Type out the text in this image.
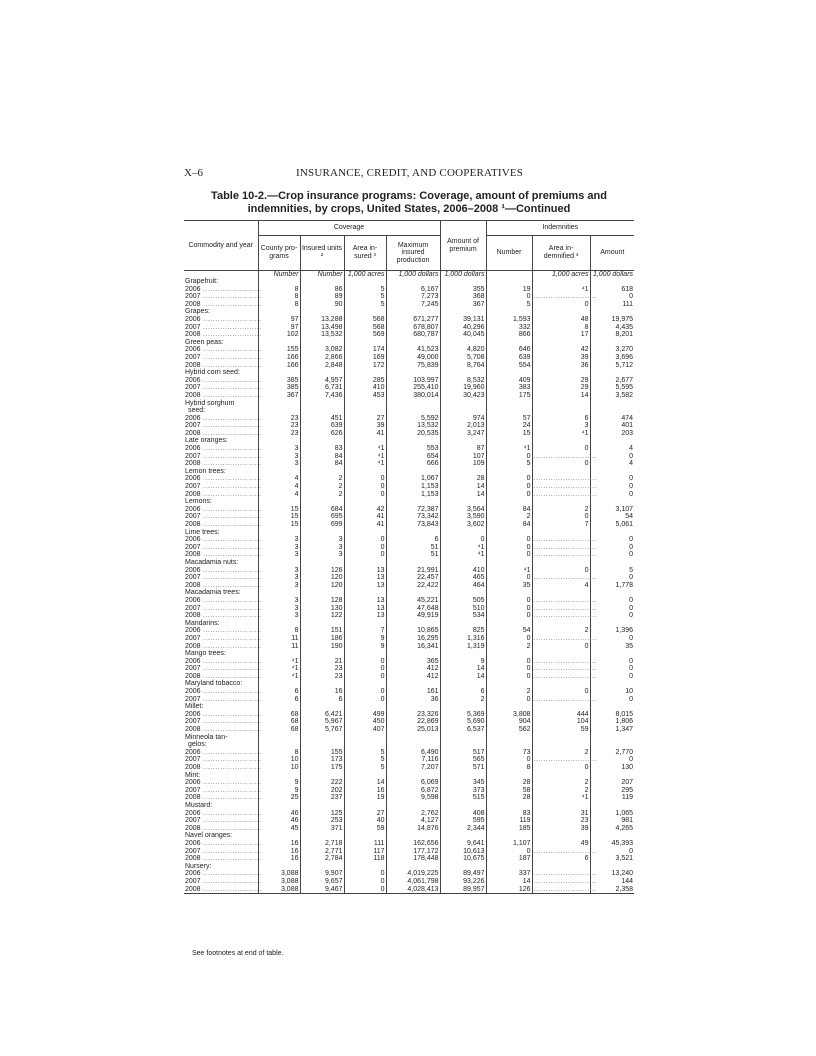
X–6	INSURANCE, CREDIT, AND COOPERATIVES
Table 10-2.—Crop insurance programs: Coverage, amount of premiums and
indemnities, by crops, United States, 2006–2008 ¹—Continued
Commodity and year	Coverage				Amount of premium	Indemnities		
	County pro- grams	Insured units ²	Area in- sured ³	Maximum insured production		Number	Area in- demnified ³	Amount
	Number	Number	1,000 acres	1,000 dollars	1,000 dollars		1,000 acres	1,000 dollars
Grapefruit:								
2006 ........................	8	86	5	6,167	355	19	⁴1	618
2007 ........................	8	89	5	7,273	368	0	..........................	0
2008 ........................	8	90	5	7,245	367	5	0	111
Grapes:								
2006 ........................	97	13,288	568	671,277	39,131	1,593	48	19,975
2007 ........................	97	13,498	568	678,807	40,296	332	8	4,435
2008 ........................	102	13,532	569	680,787	40,045	866	17	8,201
Green peas:								
2006 ........................	155	3,082	174	41,523	4,820	646	42	3,270
2007 ........................	166	2,866	169	49,000	5,708	639	39	3,696
2008 ........................	166	2,848	172	75,839	8,764	554	36	5,712
Hybrid corn seed:								
2006 ........................	385	4,957	285	103,997	8,532	409	29	2,677
2007 ........................	385	6,731	410	255,410	19,960	383	29	5,595
2008 ........................	367	7,436	453	380,014	30,423	175	14	3,582
Hybrid sorghum								
seed:								
2006 ........................	23	451	27	5,592	974	57	6	474
2007 ........................	23	639	39	13,532	2,013	24	3	401
2008 ........................	23	626	41	20,535	3,247	15	⁴1	203
Late oranges:								
2006 ........................	3	83	⁴1	553	87	⁴1	0	4
2007 ........................	3	84	⁴1	654	107	0	..........................	0
2008 ........................	3	84	⁴1	666	109	5	0	4
Lemon trees:								
2006 ........................	4	2	0	1,067	28	0	..........................	0
2007 ........................	4	2	0	1,153	14	0	..........................	0
2008 ........................	4	2	0	1,153	14	0	..........................	0
Lemons:								
2006 ........................	15	684	42	72,387	3,564	84	2	3,107
2007 ........................	15	695	41	73,342	3,590	2	0	54
2008 ........................	15	699	41	73,843	3,602	84	7	5,061
Lime trees:								
2006 ........................	3	3	0	6	0	0	..........................	0
2007 ........................	3	3	0	51	⁴1	0	..........................	0
2008 ........................	3	3	0	51	⁴1	0	..........................	0
Macadamia nuts:								
2006 ........................	3	126	13	21,991	410	⁴1	0	5
2007 ........................	3	120	13	22,457	465	0	..........................	0
2008 ........................	3	120	13	22,422	464	35	4	1,778
Macadamia trees:								
2006 ........................	3	128	13	45,221	505	0	..........................	0
2007 ........................	3	130	13	47,648	510	0	..........................	0
2008 ........................	3	122	13	49,919	534	0	..........................	0
Mandarins:								
2006 ........................	8	151	7	10,865	825	54	2	1,396
2007 ........................	11	186	9	16,295	1,316	0	..........................	0
2008 ........................	11	190	9	16,341	1,319	2	0	35
Mango trees:								
2006 ........................	⁴1	21	0	365	9	0	..........................	0
2007 ........................	⁴1	23	0	412	14	0	..........................	0
2008 ........................	⁴1	23	0	412	14	0	..........................	0
Maryland tobacco:								
2006 ........................	6	16	0	161	6	2	0	10
2007 ........................	6	6	0	36	2	0	..........................	0
Millet:								
2006 ........................	68	6,421	499	23,326	5,369	3,808	444	8,015
2007 ........................	68	5,967	450	22,869	5,690	904	104	1,806
2008 ........................	68	5,767	407	25,013	6,537	562	59	1,347
Minneola tan-								
gelos:								
2006 ........................	8	155	5	6,490	517	73	2	2,770
2007 ........................	10	173	5	7,116	565	0	..........................	0
2008 ........................	10	175	5	7,207	571	8	0	130
Mint:								
2006 ........................	9	222	14	6,069	345	28	2	207
2007 ........................	9	202	16	6,872	373	58	2	295
2008 ........................	25	237	19	9,598	515	28	⁴1	119
Mustard:								
2006 ........................	46	125	27	2,762	408	83	31	1,065
2007 ........................	46	253	40	4,127	595	119	23	981
2008 ........................	45	371	59	14,876	2,344	185	39	4,265
Navel oranges:								
2006 ........................	16	2,718	111	162,656	9,641	1,107	49	45,393
2007 ........................	16	2,771	117	177,172	10,613	0	..........................	0
2008 ........................	16	2,784	118	178,448	10,675	187	6	3,521
Nursery:								
2006 ........................	3,088	9,907	0	4,019,225	89,497	337	..........................	13,240
2007 ........................	3,088	9,657	0	4,061,798	93,226	14	..........................	144
2008 ........................	3,088	9,467	0	4,028,413	89,957	126	..........................	2,358
See footnotes at end of table.
